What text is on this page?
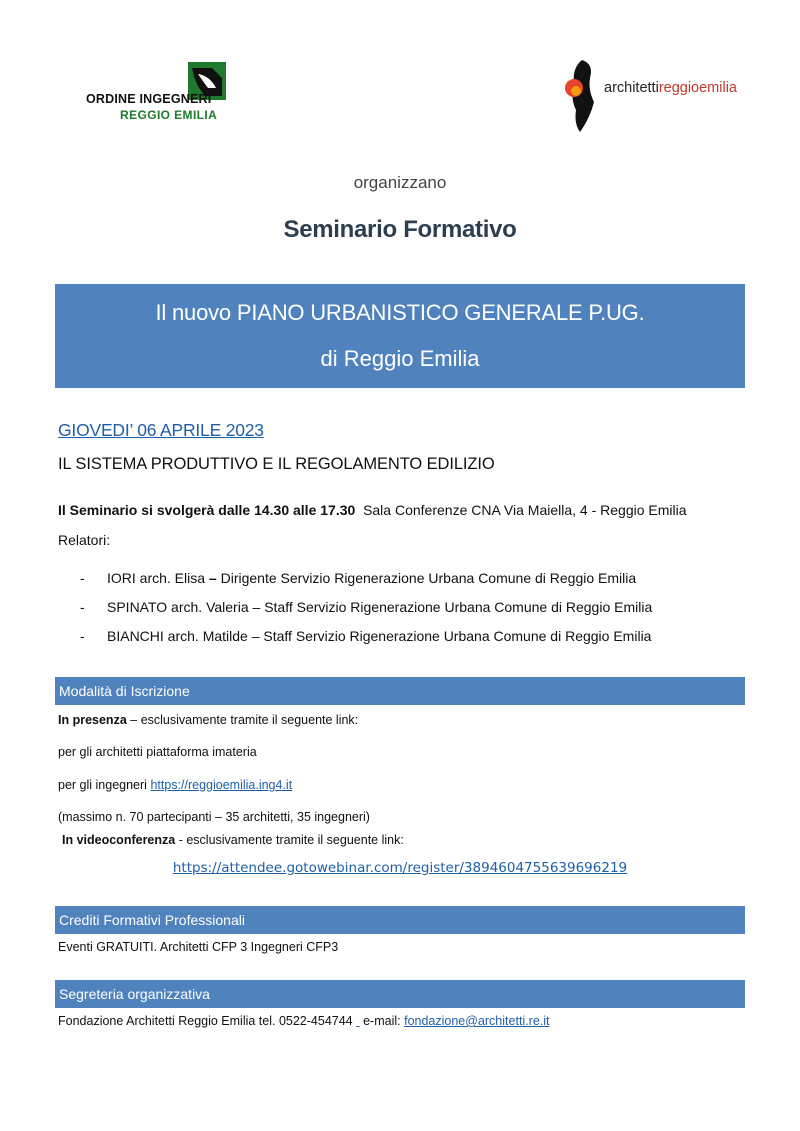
ORDINE INGEGNERI
REGGIO EMILIA
architettireggioemilia
organizzano
Seminario Formativo
Il nuovo PIANO URBANISTICO GENERALE P.UG.
di Reggio Emilia
GIOVEDI’ 06 APRILE 2023
IL SISTEMA PRODUTTIVO E IL REGOLAMENTO EDILIZIO
Il Seminario si svolgerà dalle 14.30 alle 17.30 Sala Conferenze CNA Via Maiella, 4 - Reggio Emilia
Relatori:
- IORI arch. Elisa – Dirigente Servizio Rigenerazione Urbana Comune di Reggio Emilia
- SPINATO arch. Valeria – Staff Servizio Rigenerazione Urbana Comune di Reggio Emilia
- BIANCHI arch. Matilde – Staff Servizio Rigenerazione Urbana Comune di Reggio Emilia
Modalità di Iscrizione
In presenza – esclusivamente tramite il seguente link:
per gli architetti piattaforma imateria
per gli ingegneri https://reggioemilia.ing4.it
(massimo n. 70 partecipanti – 35 architetti, 35 ingegneri)
In videoconferenza - esclusivamente tramite il seguente link:
https://attendee.gotowebinar.com/register/3894604755639696219
Crediti Formativi Professionali
Eventi GRATUITI. Architetti CFP 3 Ingegneri CFP3
Segreteria organizzativa
Fondazione Architetti Reggio Emilia tel. 0522-454744 e-mail: fondazione@architetti.re.it
